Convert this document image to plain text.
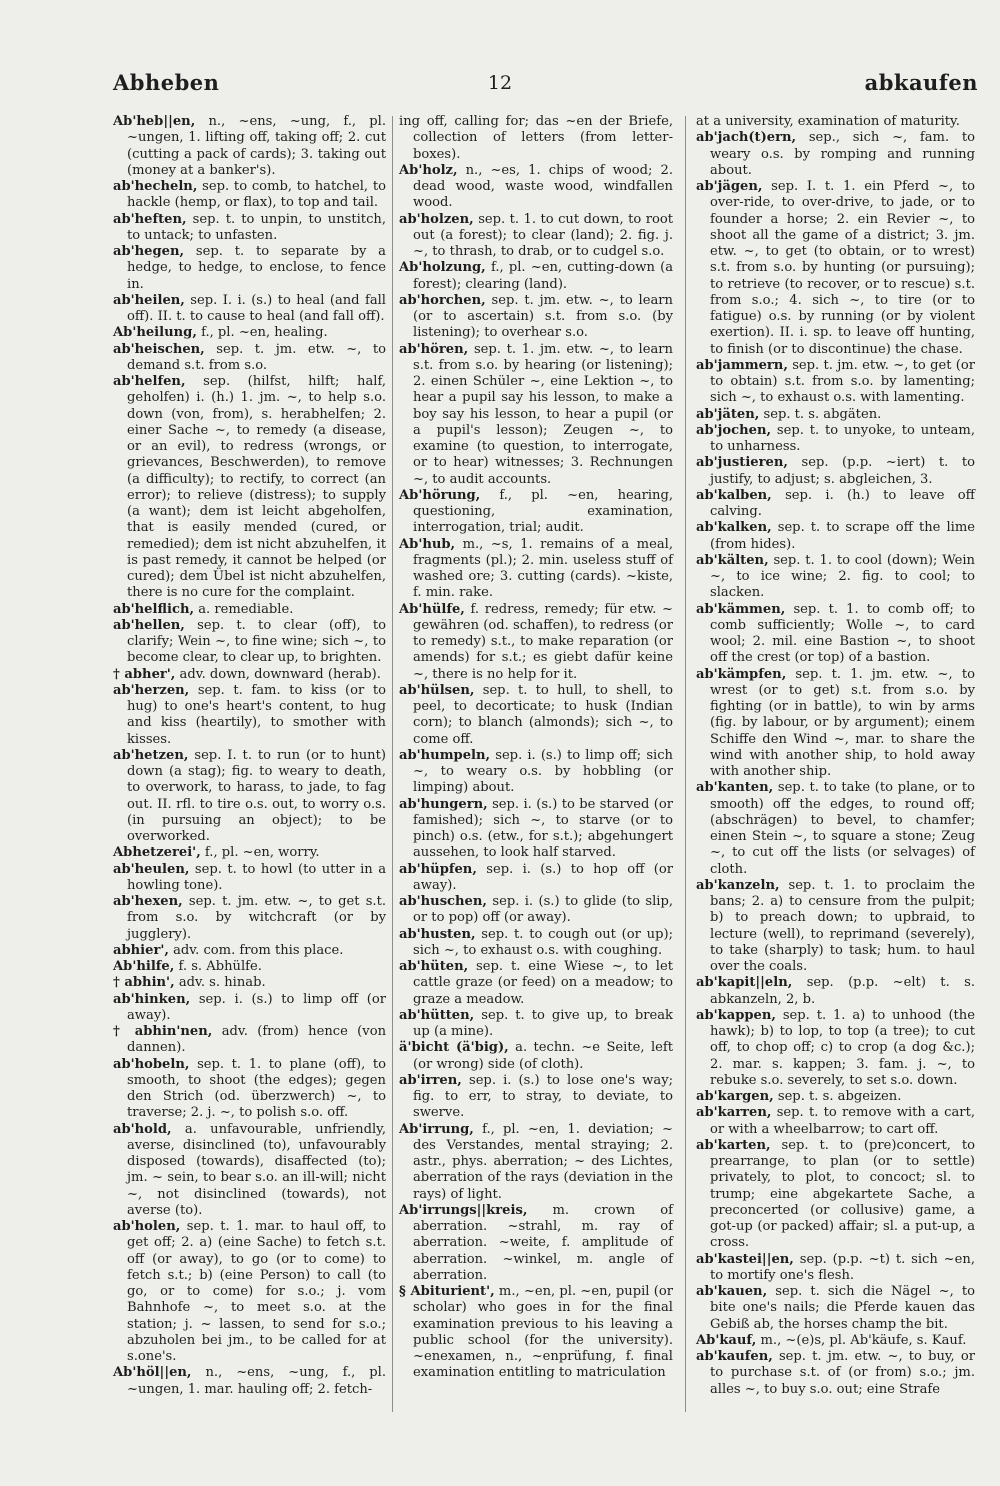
Abheben	12	abkaufen

Ab'heb||en, n., ~ens, ~ung, f., pl. ~ungen, 1. lifting off, taking off; 2. cut (cutting a pack of cards); 3. taking out (money at a banker's).

ab'hecheln, sep. to comb, to hatchel, to hackle (hemp, or flax), to top and tail.

ab'heften, sep. t. to unpin, to unstitch, to untack; to unfasten.

ab'hegen, sep. t. to separate by a hedge, to hedge, to enclose, to fence in.

ab'heilen, sep. I. i. (s.) to heal (and fall off). II. t. to cause to heal (and fall off).

Ab'heilung, f., pl. ~en, healing.

ab'heischen, sep. t. jm. etw. ~, to demand s.t. from s.o.

ab'helfen, sep. (hilfst, hilft; half, geholfen) i. (h.) 1. jm. ~, to help s.o. down (von, from), s. herabhelfen; 2. einer Sache ~, to remedy (a disease, or an evil), to redress (wrongs, or grievances, Beschwerden), to remove (a difficulty); to rectify, to correct (an error); to relieve (distress); to supply (a want); dem ist leicht abgeholfen, that is easily mended (cured, or remedied); dem ist nicht abzuhelfen, it is past remedy, it cannot be helped (or cured); dem Übel ist nicht abzuhelfen, there is no cure for the complaint.

ab'helflich, a. remediable.

ab'hellen, sep. t. to clear (off), to clarify; Wein ~, to fine wine; sich ~, to become clear, to clear up, to brighten.

† abher', adv. down, downward (herab).

ab'herzen, sep. t. fam. to kiss (or to hug) to one's heart's content, to hug and kiss (heartily), to smother with kisses.

ab'hetzen, sep. I. t. to run (or to hunt) down (a stag); fig. to weary to death, to overwork, to harass, to jade, to fag out. II. rfl. to tire o.s. out, to worry o.s. (in pursuing an object); to be overworked.

Abhetzerei', f., pl. ~en, worry.

ab'heulen, sep. t. to howl (to utter in a howling tone).

ab'hexen, sep. t. jm. etw. ~, to get s.t. from s.o. by witchcraft (or by jugglery).

abhier', adv. com. from this place.

Ab'hilfe, f. s. Abhülfe.

† abhin', adv. s. hinab.

ab'hinken, sep. i. (s.) to limp off (or away).

† abhin'nen, adv. (from) hence (von dannen).

ab'hobeln, sep. t. 1. to plane (off), to smooth, to shoot (the edges); gegen den Strich (od. überzwerch) ~, to traverse; 2. j. ~, to polish s.o. off.

ab'hold, a. unfavourable, unfriendly, averse, disinclined (to), unfavourably disposed (towards), disaffected (to); jm. ~ sein, to bear s.o. an ill-will; nicht ~, not disinclined (towards), not averse (to).

ab'holen, sep. t. 1. mar. to haul off, to get off; 2. a) (eine Sache) to fetch s.t. off (or away), to go (or to come) to fetch s.t.; b) (eine Person) to call (to go, or to come) for s.o.; j. vom Bahnhofe ~, to meet s.o. at the station; j. ~ lassen, to send for s.o.; abzuholen bei jm., to be called for at s.one's.

Ab'höl||en, n., ~ens, ~ung, f., pl. ~ungen, 1. mar. hauling off; 2. fetch-

ing off, calling for; das ~en der Briefe, collection of letters (from letter-boxes).

Ab'holz, n., ~es, 1. chips of wood; 2. dead wood, waste wood, windfallen wood.

ab'holzen, sep. t. 1. to cut down, to root out (a forest); to clear (land); 2. fig. j. ~, to thrash, to drab, or to cudgel s.o.

Ab'holzung, f., pl. ~en, cutting-down (a forest); clearing (land).

ab'horchen, sep. t. jm. etw. ~, to learn (or to ascertain) s.t. from s.o. (by listening); to overhear s.o.

ab'hören, sep. t. 1. jm. etw. ~, to learn s.t. from s.o. by hearing (or listening); 2. einen Schüler ~, eine Lektion ~, to hear a pupil say his lesson, to make a boy say his lesson, to hear a pupil (or a pupil's lesson); Zeugen ~, to examine (to question, to interrogate, or to hear) witnesses; 3. Rechnungen ~, to audit accounts.

Ab'hörung, f., pl. ~en, hearing, questioning, examination, interrogation, trial; audit.

Ab'hub, m., ~s, 1. remains of a meal, fragments (pl.); 2. min. useless stuff of washed ore; 3. cutting (cards). ~kiste, f. min. rake.

Ab'hülfe, f. redress, remedy; für etw. ~ gewähren (od. schaffen), to redress (or to remedy) s.t., to make reparation (or amends) for s.t.; es giebt dafür keine ~, there is no help for it.

ab'hülsen, sep. t. to hull, to shell, to peel, to decorticate; to husk (Indian corn); to blanch (almonds); sich ~, to come off.

ab'humpeln, sep. i. (s.) to limp off; sich ~, to weary o.s. by hobbling (or limping) about.

ab'hungern, sep. i. (s.) to be starved (or famished); sich ~, to starve (or to pinch) o.s. (etw., for s.t.); abgehungert aussehen, to look half starved.

ab'hüpfen, sep. i. (s.) to hop off (or away).

ab'huschen, sep. i. (s.) to glide (to slip, or to pop) off (or away).

ab'husten, sep. t. to cough out (or up); sich ~, to exhaust o.s. with coughing.

ab'hüten, sep. t. eine Wiese ~, to let cattle graze (or feed) on a meadow; to graze a meadow.

ab'hütten, sep. t. to give up, to break up (a mine).

ä'bicht (ä'big), a. techn. ~e Seite, left (or wrong) side (of cloth).

ab'irren, sep. i. (s.) to lose one's way; fig. to err, to stray, to deviate, to swerve.

Ab'irrung, f., pl. ~en, 1. deviation; ~ des Verstandes, mental straying; 2. astr., phys. aberration; ~ des Lichtes, aberration of the rays (deviation in the rays) of light.

Ab'irrungs||kreis, m. crown of aberration. ~strahl, m. ray of aberration. ~weite, f. amplitude of aberration. ~winkel, m. angle of aberration.

§ Abiturient', m., ~en, pl. ~en, pupil (or scholar) who goes in for the final examination previous to his leaving a public school (for the university). ~enexamen, n., ~enprüfung, f. final examination entitling to matriculation

at a university, examination of maturity.

ab'jach(t)ern, sep., sich ~, fam. to weary o.s. by romping and running about.

ab'jägen, sep. I. t. 1. ein Pferd ~, to over-ride, to over-drive, to jade, or to founder a horse; 2. ein Revier ~, to shoot all the game of a district; 3. jm. etw. ~, to get (to obtain, or to wrest) s.t. from s.o. by hunting (or pursuing); to retrieve (to recover, or to rescue) s.t. from s.o.; 4. sich ~, to tire (or to fatigue) o.s. by running (or by violent exertion). II. i. sp. to leave off hunting, to finish (or to discontinue) the chase.

ab'jammern, sep. t. jm. etw. ~, to get (or to obtain) s.t. from s.o. by lamenting; sich ~, to exhaust o.s. with lamenting.

ab'jäten, sep. t. s. abgäten.

ab'jochen, sep. t. to unyoke, to unteam, to unharness.

ab'justieren, sep. (p.p. ~iert) t. to justify, to adjust; s. abgleichen, 3.

ab'kalben, sep. i. (h.) to leave off calving.

ab'kalken, sep. t. to scrape off the lime (from hides).

ab'kälten, sep. t. 1. to cool (down); Wein ~, to ice wine; 2. fig. to cool; to slacken.

ab'kämmen, sep. t. 1. to comb off; to comb sufficiently; Wolle ~, to card wool; 2. mil. eine Bastion ~, to shoot off the crest (or top) of a bastion.

ab'kämpfen, sep. t. 1. jm. etw. ~, to wrest (or to get) s.t. from s.o. by fighting (or in battle), to win by arms (fig. by labour, or by argument); einem Schiffe den Wind ~, mar. to share the wind with another ship, to hold away with another ship.

ab'kanten, sep. t. to take (to plane, or to smooth) off the edges, to round off; (abschrägen) to bevel, to chamfer; einen Stein ~, to square a stone; Zeug ~, to cut off the lists (or selvages) of cloth.

ab'kanzeln, sep. t. 1. to proclaim the bans; 2. a) to censure from the pulpit; b) to preach down; to upbraid, to lecture (well), to reprimand (severely), to take (sharply) to task; hum. to haul over the coals.

ab'kapit||eln, sep. (p.p. ~elt) t. s. abkanzeln, 2, b.

ab'kappen, sep. t. 1. a) to unhood (the hawk); b) to lop, to top (a tree); to cut off, to chop off; c) to crop (a dog &c.); 2. mar. s. kappen; 3. fam. j. ~, to rebuke s.o. severely, to set s.o. down.

ab'kargen, sep. t. s. abgeizen.

ab'karren, sep. t. to remove with a cart, or with a wheelbarrow; to cart off.

ab'karten, sep. t. to (pre)concert, to prearrange, to plan (or to settle) privately, to plot, to concoct; sl. to trump; eine abgekartete Sache, a preconcerted (or collusive) game, a got-up (or packed) affair; sl. a put-up, a cross.

ab'kastei||en, sep. (p.p. ~t) t. sich ~en, to mortify one's flesh.

ab'kauen, sep. t. sich die Nägel ~, to bite one's nails; die Pferde kauen das Gebiß ab, the horses champ the bit.

Ab'kauf, m., ~(e)s, pl. Ab'käufe, s. Kauf.

ab'kaufen, sep. t. jm. etw. ~, to buy, or to purchase s.t. of (or from) s.o.; jm. alles ~, to buy s.o. out; eine Strafe
